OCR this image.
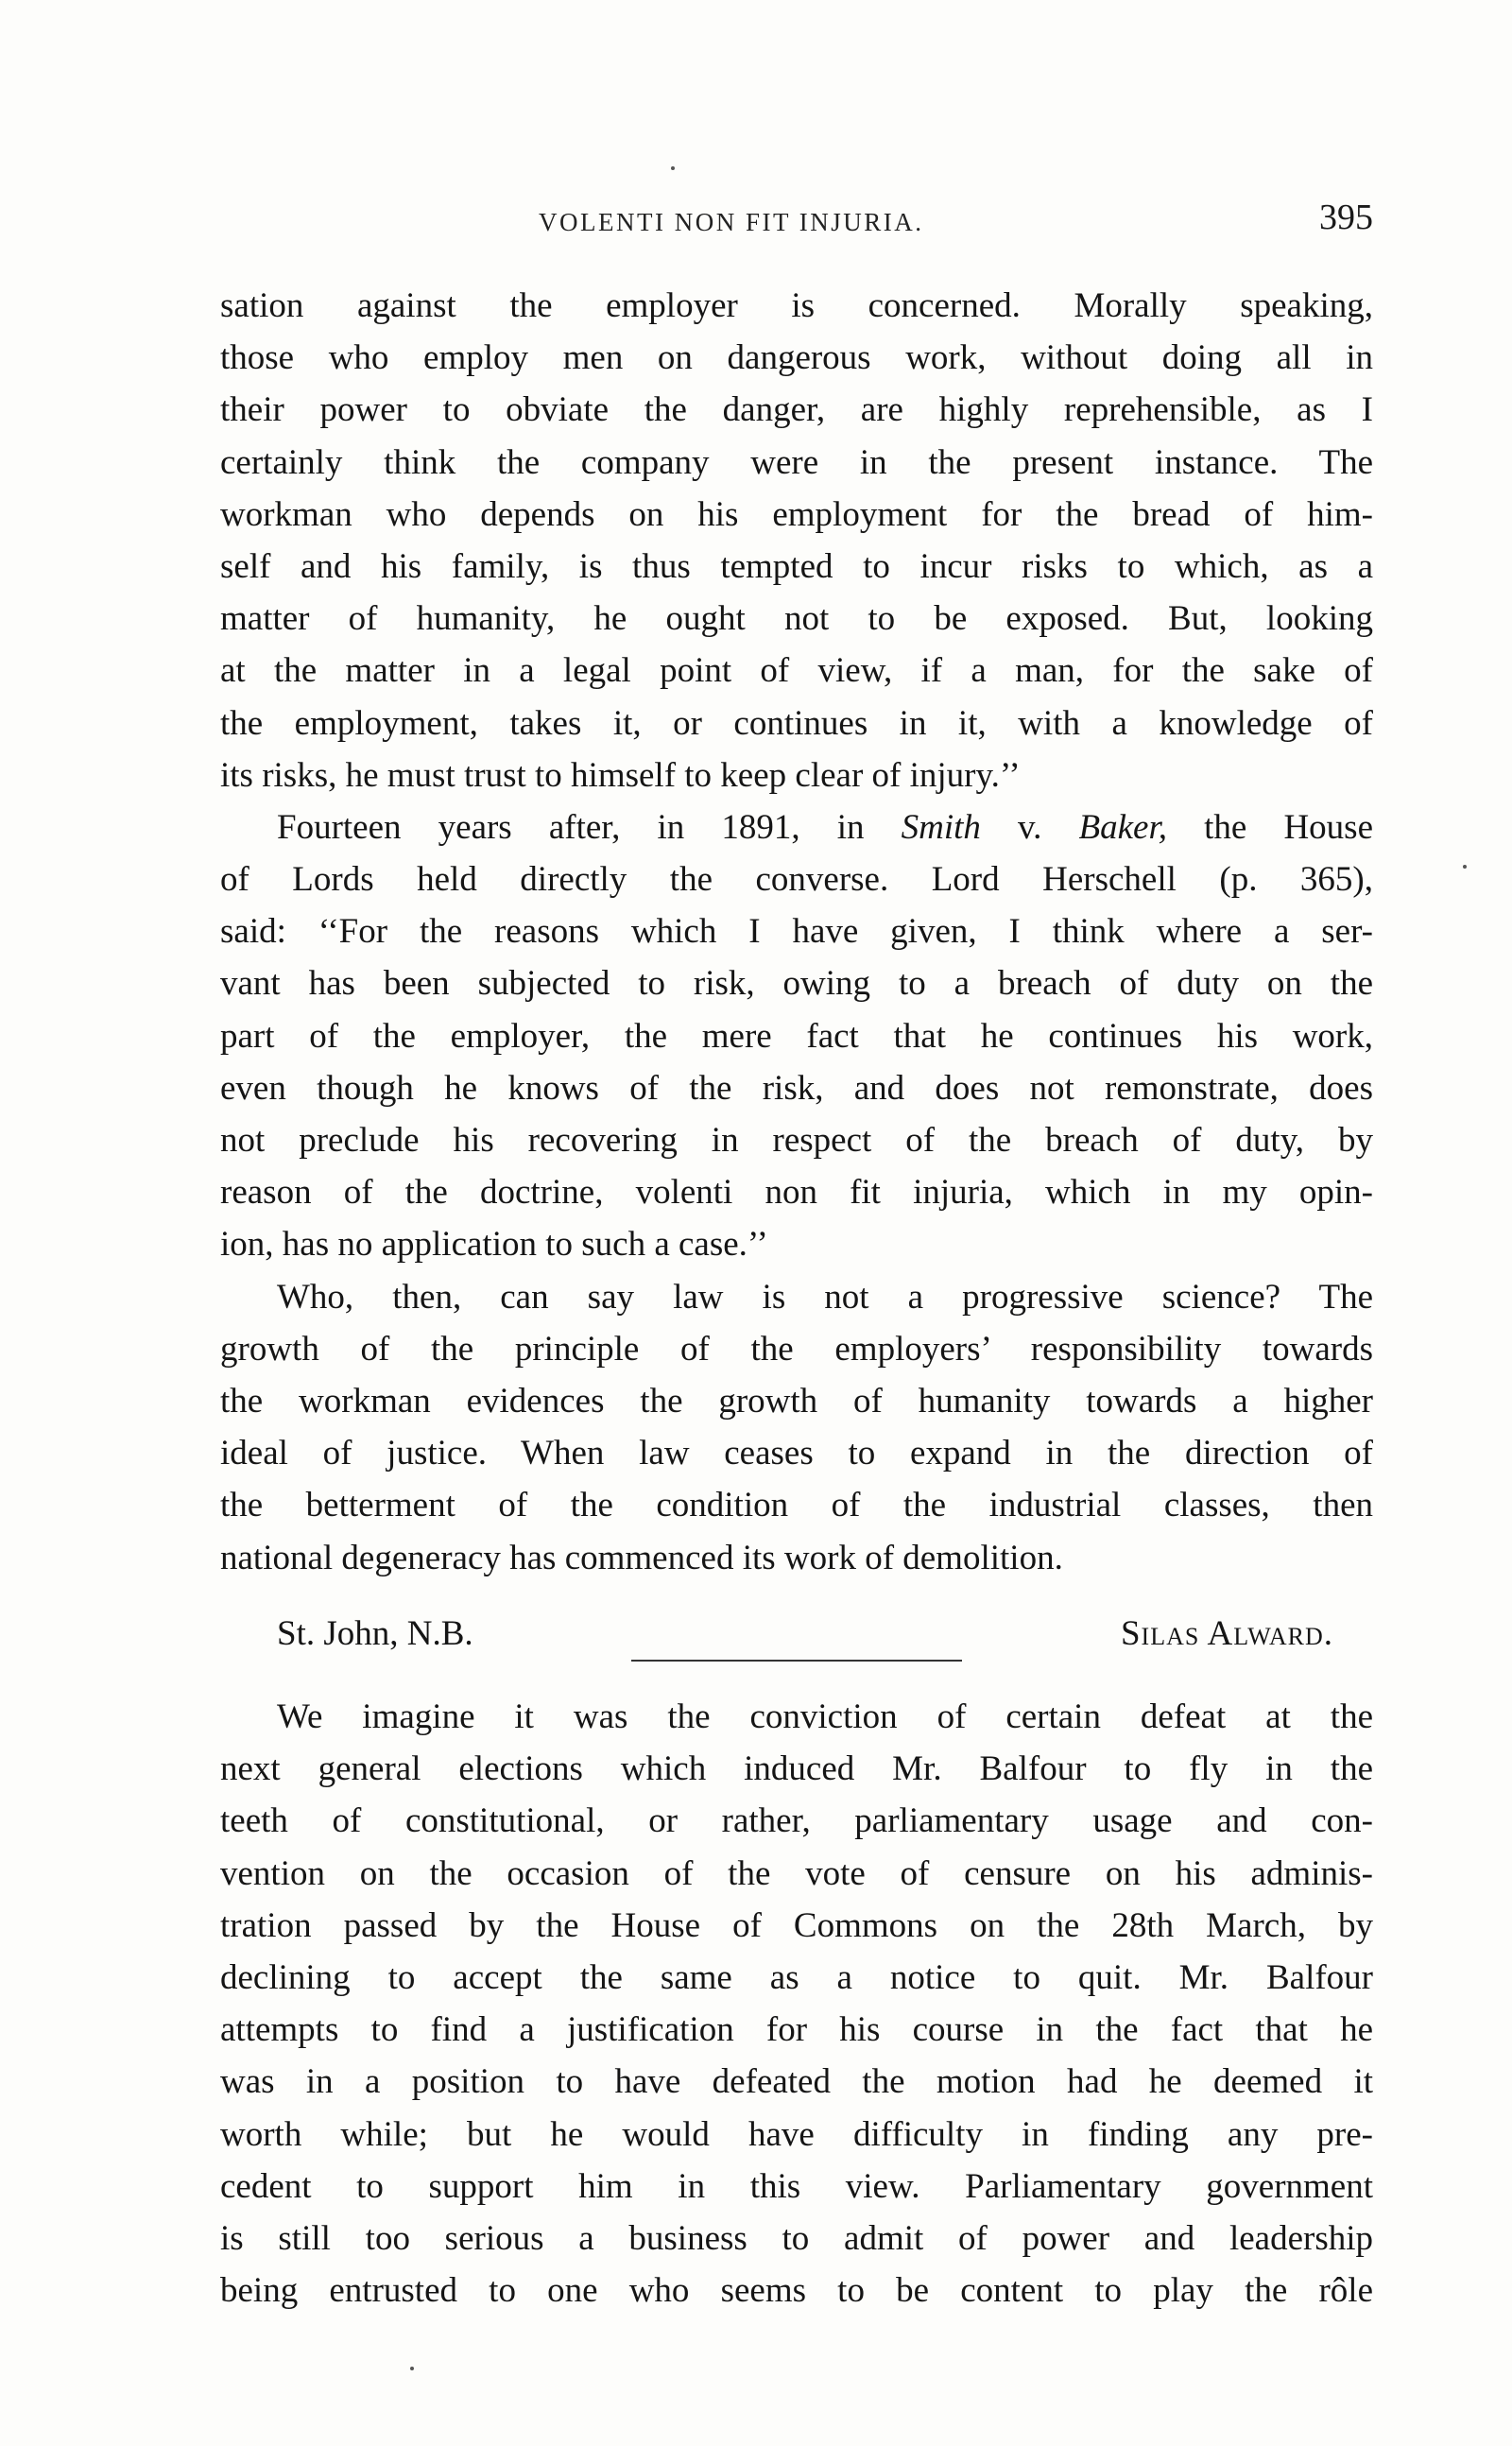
VOLENTI NON FIT INJURIA.	395
sation against the employer is concerned. Morally speaking,
those who employ men on dangerous work, without doing all in
their power to obviate the danger, are highly reprehensible, as I
certainly think the company were in the present instance. The
workman who depends on his employment for the bread of him-
self and his family, is thus tempted to incur risks to which, as a
matter of humanity, he ought not to be exposed. But, looking
at the matter in a legal point of view, if a man, for the sake of
the employment, takes it, or continues in it, with a knowledge of
its risks, he must trust to himself to keep clear of injury.’’
Fourteen years after, in 1891, in Smith v. Baker, the House
of Lords held directly the converse. Lord Herschell (p. 365),
said: ‘‘For the reasons which I have given, I think where a ser-
vant has been subjected to risk, owing to a breach of duty on the
part of the employer, the mere fact that he continues his work,
even though he knows of the risk, and does not remonstrate, does
not preclude his recovering in respect of the breach of duty, by
reason of the doctrine, volenti non fit injuria, which in my opin-
ion, has no application to such a case.’’
Who, then, can say law is not a progressive science? The
growth of the principle of the employers’ responsibility towards
the workman evidences the growth of humanity towards a higher
ideal of justice. When law ceases to expand in the direction of
the betterment of the condition of the industrial classes, then
national degeneracy has commenced its work of demolition.
St. John, N.B.	Silas Alward.
We imagine it was the conviction of certain defeat at the
next general elections which induced Mr. Balfour to fly in the
teeth of constitutional, or rather, parliamentary usage and con-
vention on the occasion of the vote of censure on his adminis-
tration passed by the House of Commons on the 28th March, by
declining to accept the same as a notice to quit. Mr. Balfour
attempts to find a justification for his course in the fact that he
was in a position to have defeated the motion had he deemed it
worth while; but he would have difficulty in finding any pre-
cedent to support him in this view. Parliamentary government
is still too serious a business to admit of power and leadership
being entrusted to one who seems to be content to play the rôle
